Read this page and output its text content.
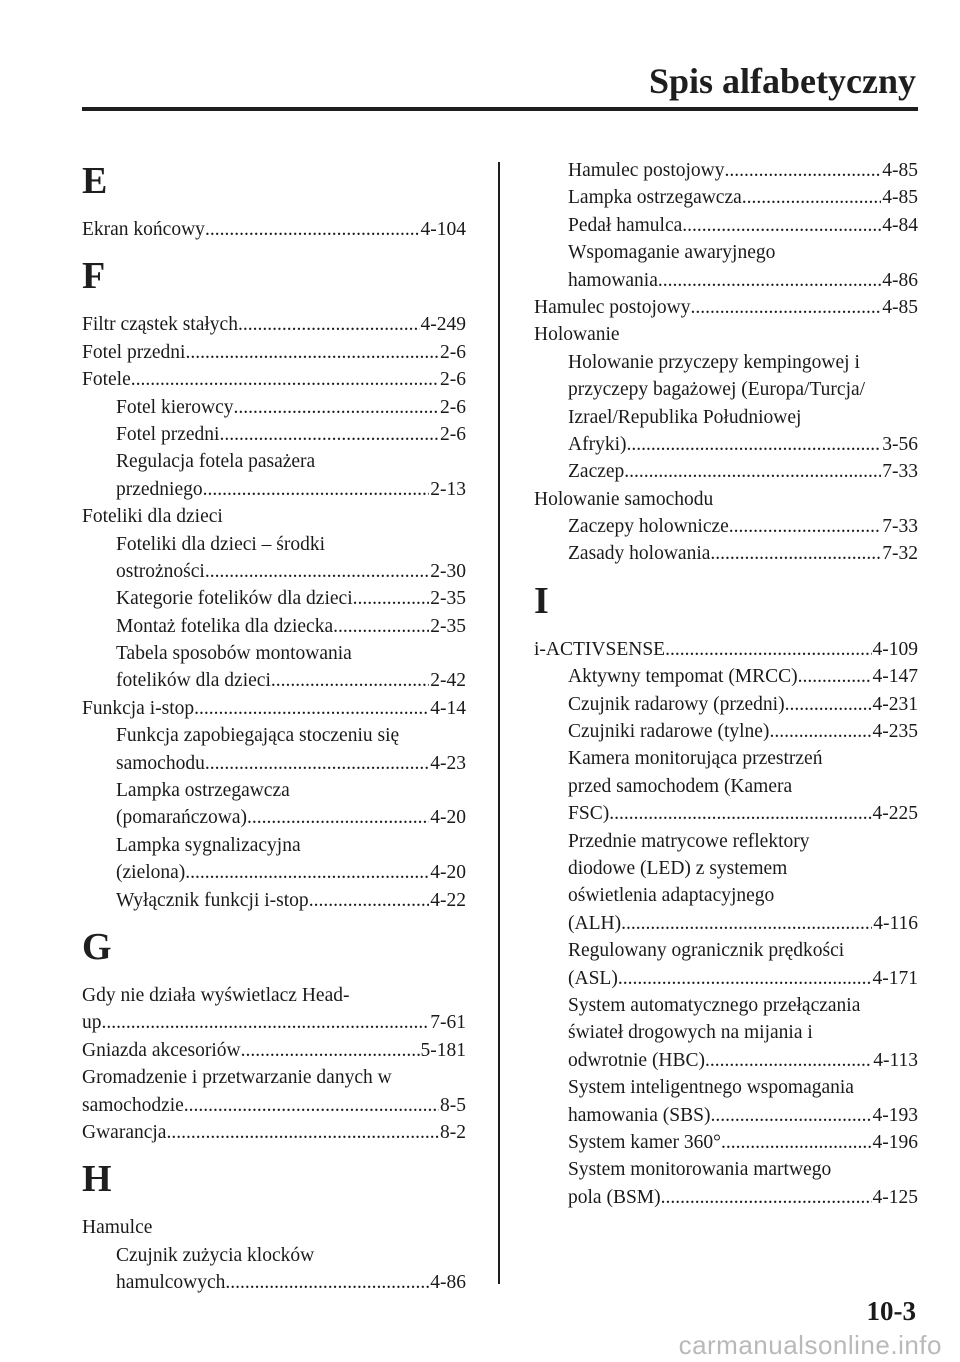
Spis alfabetyczny
E
Ekran końcowy .....	4-104
F
Filtr cząstek stałych .....	4-249
Fotel przedni .....	2-6
Fotele .....	2-6
Fotel kierowcy .....	2-6
Fotel przedni .....	2-6
Regulacja fotela pasażera
przedniego .....	2-13
Foteliki dla dzieci
Foteliki dla dzieci – środki
ostrożności .....	2-30
Kategorie fotelików dla dzieci .....	2-35
Montaż fotelika dla dziecka .....	2-35
Tabela sposobów montowania
fotelików dla dzieci .....	2-42
Funkcja i-stop .....	4-14
Funkcja zapobiegająca stoczeniu się
samochodu .....	4-23
Lampka ostrzegawcza
(pomarańczowa) .....	4-20
Lampka sygnalizacyjna
(zielona) .....	4-20
Wyłącznik funkcji i-stop .....	4-22
G
Gdy nie działa wyświetlacz Head-
up .....	7-61
Gniazda akcesoriów .....	5-181
Gromadzenie i przetwarzanie danych w
samochodzie .....	8-5
Gwarancja .....	8-2
H
Hamulce
Czujnik zużycia klocków
hamulcowych .....	4-86
Hamulec postojowy .....	4-85
Lampka ostrzegawcza .....	4-85
Pedał hamulca .....	4-84
Wspomaganie awaryjnego
hamowania .....	4-86
Hamulec postojowy .....	4-85
Holowanie
Holowanie przyczepy kempingowej i
przyczepy bagażowej (Europa/Turcja/
Izrael/Republika Południowej
Afryki) .....	3-56
Zaczep .....	7-33
Holowanie samochodu
Zaczepy holownicze .....	7-33
Zasady holowania .....	7-32
I
i-ACTIVSENSE .....	4-109
Aktywny tempomat (MRCC) .....	4-147
Czujnik radarowy (przedni) .....	4-231
Czujniki radarowe (tylne) .....	4-235
Kamera monitorująca przestrzeń
przed samochodem (Kamera
FSC) .....	4-225
Przednie matrycowe reflektory
diodowe (LED) z systemem
oświetlenia adaptacyjnego
(ALH) .....	4-116
Regulowany ogranicznik prędkości
(ASL) .....	4-171
System automatycznego przełączania
świateł drogowych na mijania i
odwrotnie (HBC) .....	4-113
System inteligentnego wspomagania
hamowania (SBS) .....	4-193
System kamer 360° .....	4-196
System monitorowania martwego
pola (BSM) .....	4-125
10-3
carmanualsonline.info
